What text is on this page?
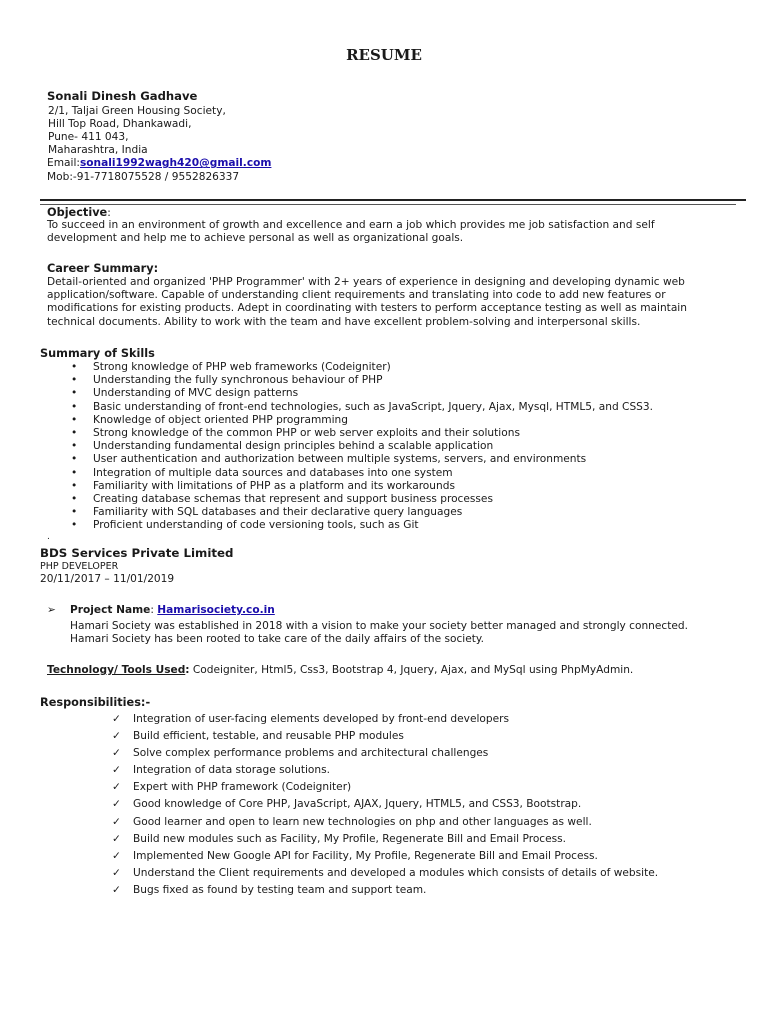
RESUME
Sonali Dinesh Gadhave
2/1, Taljai Green Housing Society,
Hill Top Road, Dhankawadi,
Pune- 411 043,
Maharashtra, India
Email:sonali1992wagh420@gmail.com
Mob:-91-7718075528 / 9552826337
Objective:
To succeed in an environment of growth and excellence and earn a job which provides me job satisfaction and self
development and help me to achieve personal as well as organizational goals.
Career Summary:
Detail-oriented and organized 'PHP Programmer' with 2+ years of experience in designing and developing dynamic web
application/software. Capable of understanding client requirements and translating into code to add new features or
modifications for existing products. Adept in coordinating with testers to perform acceptance testing as well as maintain
technical documents. Ability to work with the team and have excellent problem-solving and interpersonal skills.
Summary of Skills
• Strong knowledge of PHP web frameworks (Codeigniter)
• Understanding the fully synchronous behaviour of PHP
• Understanding of MVC design patterns
• Basic understanding of front-end technologies, such as JavaScript, Jquery, Ajax, Mysql, HTML5, and CSS3.
• Knowledge of object oriented PHP programming
• Strong knowledge of the common PHP or web server exploits and their solutions
• Understanding fundamental design principles behind a scalable application
• User authentication and authorization between multiple systems, servers, and environments
• Integration of multiple data sources and databases into one system
• Familiarity with limitations of PHP as a platform and its workarounds
• Creating database schemas that represent and support business processes
• Familiarity with SQL databases and their declarative query languages
• Proficient understanding of code versioning tools, such as Git
.
BDS Services Private Limited
PHP DEVELOPER
20/11/2017 – 11/01/2019
➢ Project Name: Hamarisociety.co.in
Hamari Society was established in 2018 with a vision to make your society better managed and strongly connected.
Hamari Society has been rooted to take care of the daily affairs of the society.
Technology/ Tools Used: Codeigniter, Html5, Css3, Bootstrap 4, Jquery, Ajax, and MySql using PhpMyAdmin.
Responsibilities:-
✓ Integration of user-facing elements developed by front-end developers
✓ Build efficient, testable, and reusable PHP modules
✓ Solve complex performance problems and architectural challenges
✓ Integration of data storage solutions.
✓ Expert with PHP framework (Codeigniter)
✓ Good knowledge of Core PHP, JavaScript, AJAX, Jquery, HTML5, and CSS3, Bootstrap.
✓ Good learner and open to learn new technologies on php and other languages as well.
✓ Build new modules such as Facility, My Profile, Regenerate Bill and Email Process.
✓ Implemented New Google API for Facility, My Profile, Regenerate Bill and Email Process.
✓ Understand the Client requirements and developed a modules which consists of details of website.
✓ Bugs fixed as found by testing team and support team.
